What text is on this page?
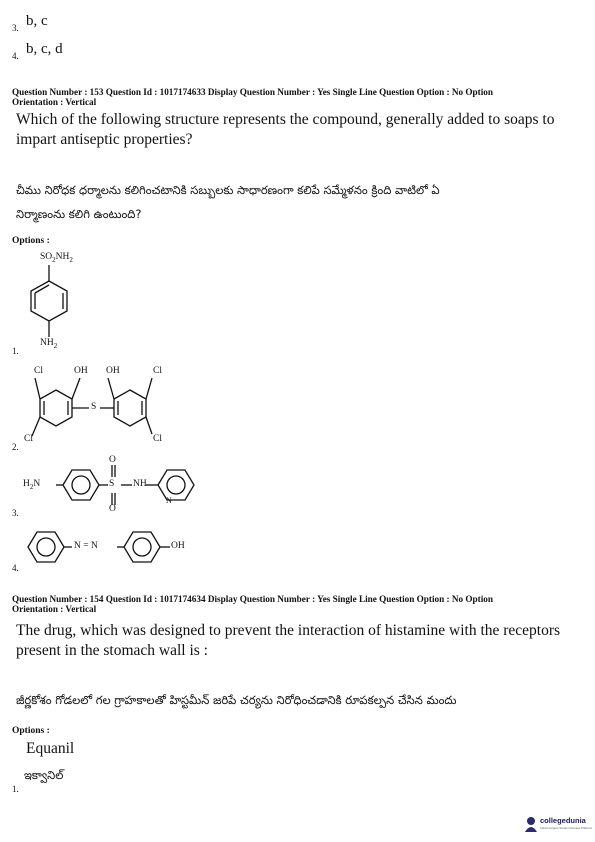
3. b, c
4. b, c, d
Question Number : 153 Question Id : 1017174633 Display Question Number : Yes Single Line Question Option : No Option
Orientation : Vertical
Which of the following structure represents the compound, generally added to soaps to
impart antiseptic properties?
చీము నిరోధక ధర్మాలను కలిగించటానికి సబ్బులకు సాధారణంగా కలిపే సమ్మేళనం క్రింది వాటిలో ఏ
నిర్మాణంను కలిగి ఉంటుంది?
Options :
1.
2.
3.
4.
$SO_2NH_2$
$NH_2$
Cl	OH OH	Cl
S
Cl	Cl
$H_2N$
O
S NH
O
N
N = N	OH
Question Number : 154 Question Id : 1017174634 Display Question Number : Yes Single Line Question Option : No Option
Orientation : Vertical
The drug, which was designed to prevent the interaction of histamine with the receptors
present in the stomach wall is :
జీర్ణకోశం గోడలలో గల గ్రాహకాలతో హిస్టమీన్ జరిపే చర్యను నిరోధించడానికి రూపకల్పన చేసిన మందు
Options :
Equanil
ఇక్వానిల్
1.
collegedunia
India's largest Student Review Platform
